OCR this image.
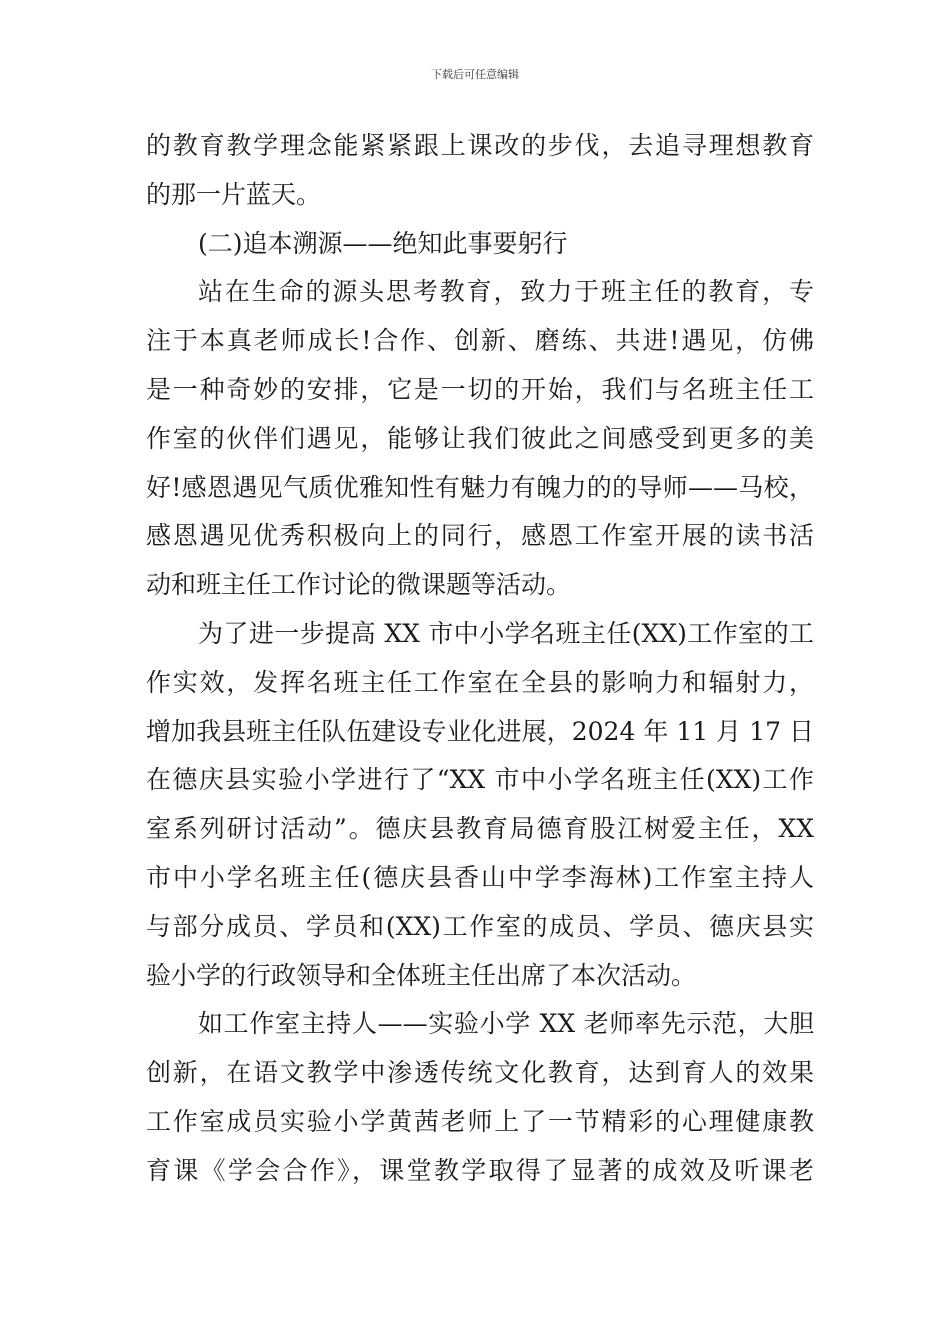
下载后可任意编辑
的教育教学理念能紧紧跟上课改的步伐，去追寻理想教育
的那一片蓝天。
(二)追本溯源——绝知此事要躬行
站在生命的源头思考教育，致力于班主任的教育，专
注于本真老师成长!合作、创新、磨练、共进!遇见，仿佛
是一种奇妙的安排，它是一切的开始，我们与名班主任工
作室的伙伴们遇见，能够让我们彼此之间感受到更多的美
好!感恩遇见气质优雅知性有魅力有魄力的的导师——马校，
感恩遇见优秀积极向上的同行，感恩工作室开展的读书活
动和班主任工作讨论的微课题等活动。
为了进一步提高 XX 市中小学名班主任(XX)工作室的工
作实效，发挥名班主任工作室在全县的影响力和辐射力，
增加我县班主任队伍建设专业化进展，2024 年 11 月 17 日
在德庆县实验小学进行了“XX 市中小学名班主任(XX)工作
室系列研讨活动”。德庆县教育局德育股江树爱主任，XX
市中小学名班主任(德庆县香山中学李海林)工作室主持人
与部分成员、学员和(XX)工作室的成员、学员、德庆县实
验小学的行政领导和全体班主任出席了本次活动。
如工作室主持人——实验小学 XX 老师率先示范，大胆
创新，在语文教学中渗透传统文化教育，达到育人的效果
工作室成员实验小学黄茜老师上了一节精彩的心理健康教
育课《学会合作》，课堂教学取得了显著的成效及听课老
